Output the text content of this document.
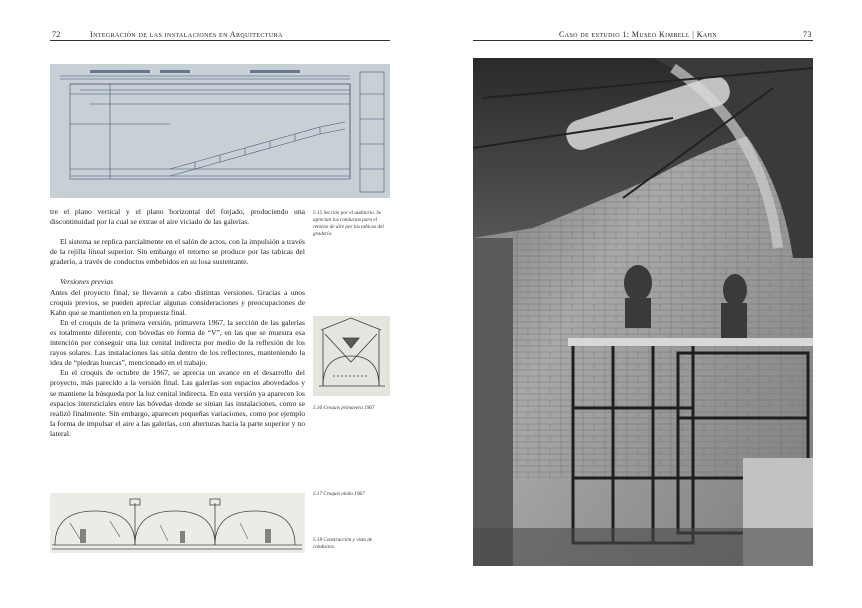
72	Integración de las instalaciones en Arquitectura
5.15 Sección por el auditorio. Se aprecian los conductos para el retorno de aire por las tabicas del graderío.

tre el plano vertical y el plano horizontal del forjado, produciendo una discontinuidad por la cual se extrae el aire viciado de las galerías.

El sistema se replica parcialmente en el salón de actos, con la impulsión a través de la rejilla lineal superior. Sin embargo el retorno se produce por las tabicas del graderío, a través de conductos embebidos en su losa sustentante.

Versiones previas

Antes del proyecto final, se llevaron a cabo distintas versiones. Gracias a unos croquis previos, se pueden apreciar algunas consideraciones y preocupaciones de Kahn que se mantienen en la propuesta final.

En el croquis de la primera versión, primavera 1967, la sección de las galerías es totalmente diferente, con bóvedas en forma de “V”, en las que se muestra esa intención por conseguir una luz cenital indirecta por medio de la reflexión de los rayos solares. Las instalaciones las sitúa dentro de los reflectores, manteniendo la idea de “piedras huecas”, mencionado en el trabajo.

En el croquis de octubre de 1967, se aprecia un avance en el desarrollo del proyecto, más parecido a la versión final. Las galerías son espacios abovedados y se mantiene la búsqueda por la luz cenital indirecta. En esta versión ya aparecen los espacios intersticiales entre las bóvedas donde se sitúan las instalaciones, como se realizó finalmente. Sin embargo, aparecen pequeñas variaciones, como por ejemplo la forma de impulsar el aire a las galerías, con aberturas hacia la parte superior y no lateral.

5.16 Croquis primavera 1967
5.17 Croquis otoño 1967
5.18 Construcción y vista de conductos
Caso de estudio 1: Museo Kimbell | Kahn	73
